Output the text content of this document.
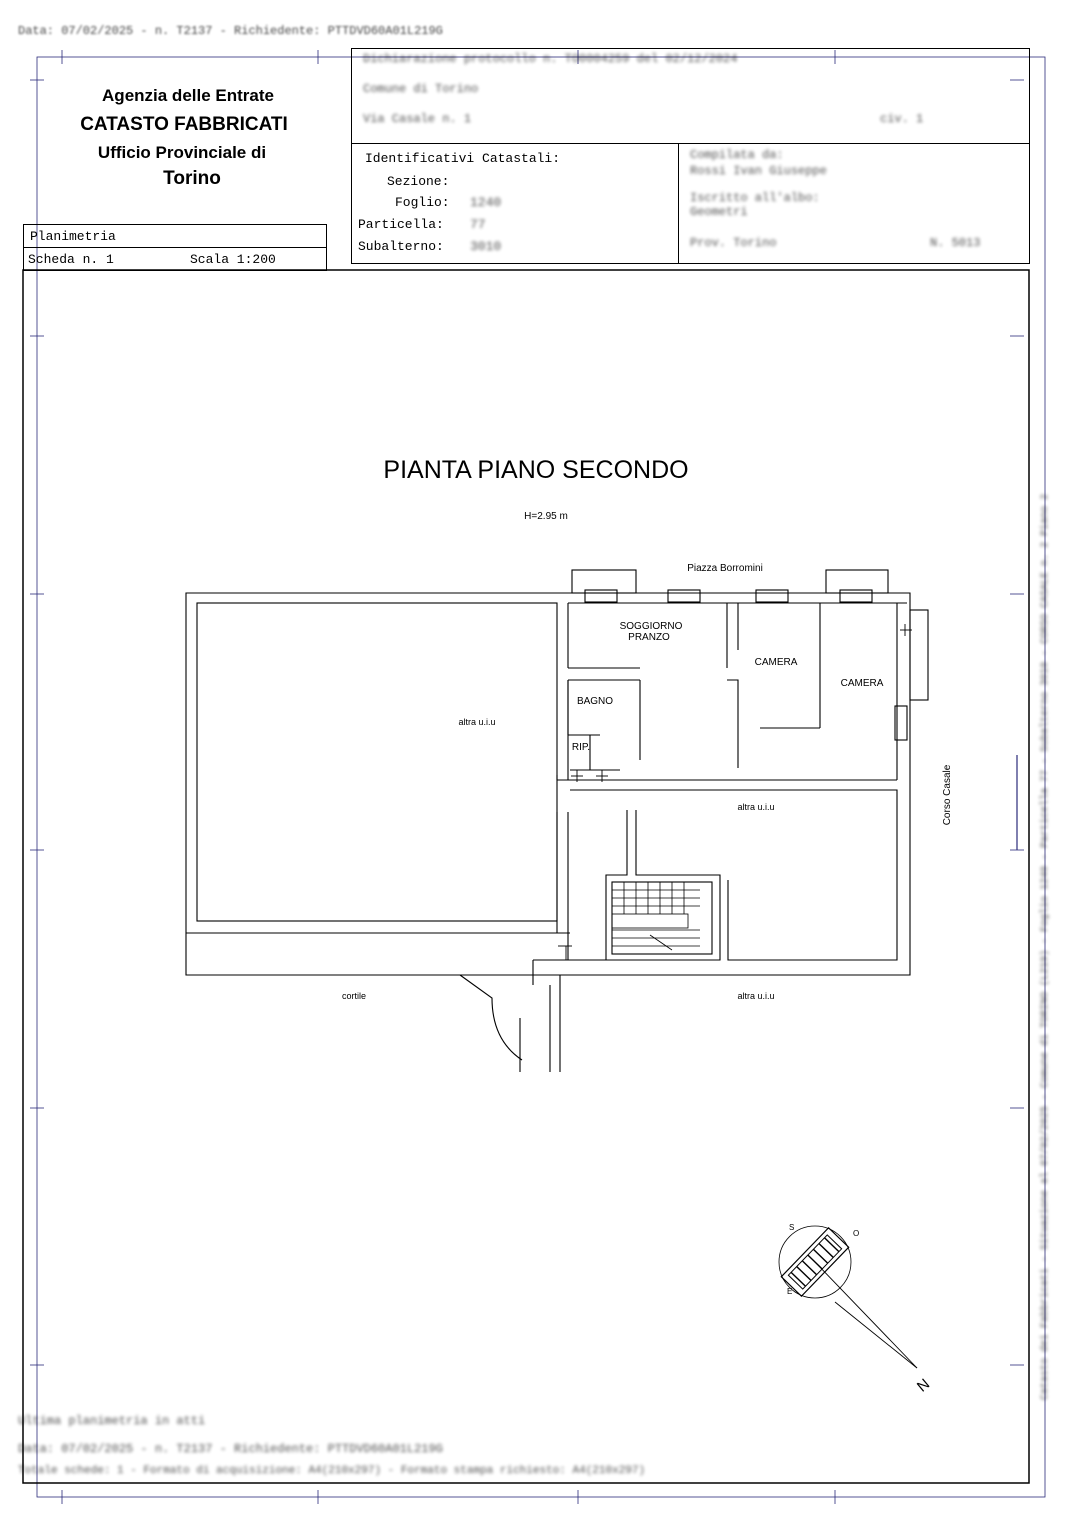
Data: 07/02/2025 - n. T2137 - Richiedente: PTTDVD60A01L219G
Agenzia delle Entrate
CATASTO FABBRICATI
Ufficio Provinciale di
Torino
Planimetria
Scheda n. 1	Scala 1:200
Dichiarazione protocollo n. TO0004259 del 02/12/2024
Comune di Torino
Via Casale n. 1	civ. 1
Identificativi Catastali:
Sezione:
Foglio: 1240
Particella: 77
Subalterno: 3010
Compilata da:
Rossi Ivan Giuseppe
Iscritto all'albo:
Geometri
Prov. Torino	N. 5013
PIANTA PIANO SECONDO
H=2.95 m
Piazza Borromini
SOGGIORNO
PRANZO
CAMERA
CAMERA
BAGNO
RIP.
altra u.i.u
altra u.i.u
altra u.i.u
cortile
Corso Casale
S
O
E
N	Catasto dei Fabbricati - Situazione al 07/02/2025 - Comune di TORINO (L219) - Foglio 1240 - Particella 77 - Subalterno 3010 - CORSO CASALE n. 2 Piano 2
Ultima planimetria in atti
Data: 07/02/2025 - n. T2137 - Richiedente: PTTDVD60A01L219G
Totale schede: 1 - Formato di acquisizione: A4(210x297) - Formato stampa richiesto: A4(210x297)
